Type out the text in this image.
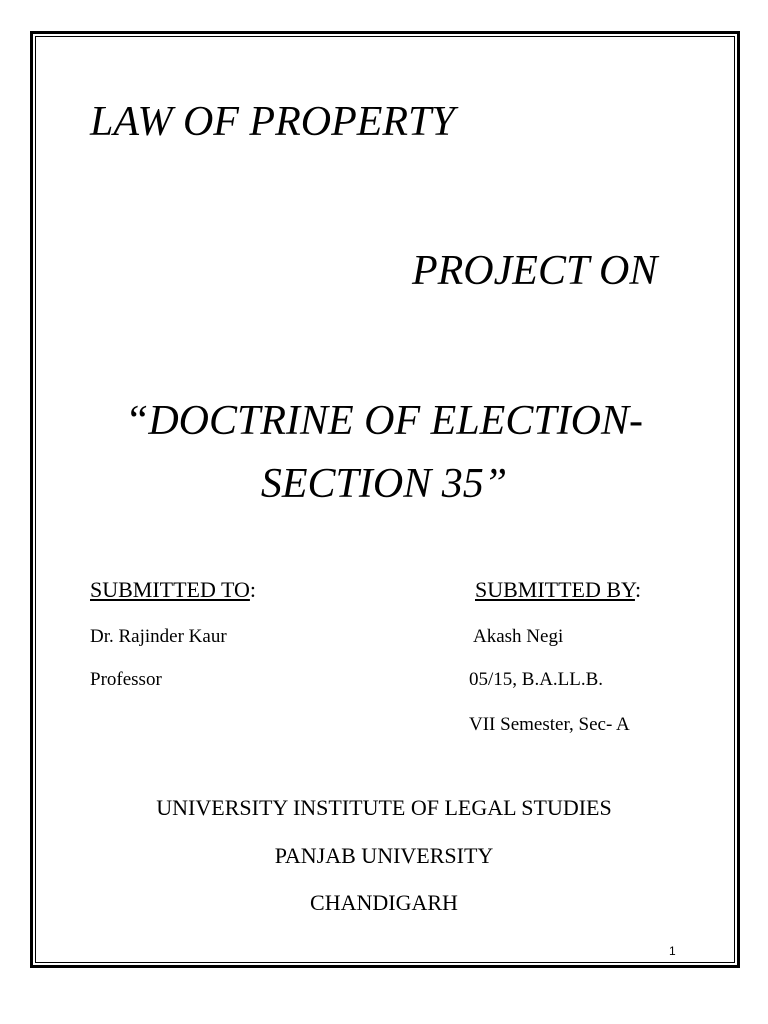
LAW OF PROPERTY
PROJECT ON
“DOCTRINE OF ELECTION-
SECTION 35”
SUBMITTED TO:	SUBMITTED BY:
Dr. Rajinder Kaur
Professor
Akash Negi
05/15, B.A.LL.B.
VII Semester, Sec- A
UNIVERSITY INSTITUTE OF LEGAL STUDIES
PANJAB UNIVERSITY
CHANDIGARH
1
